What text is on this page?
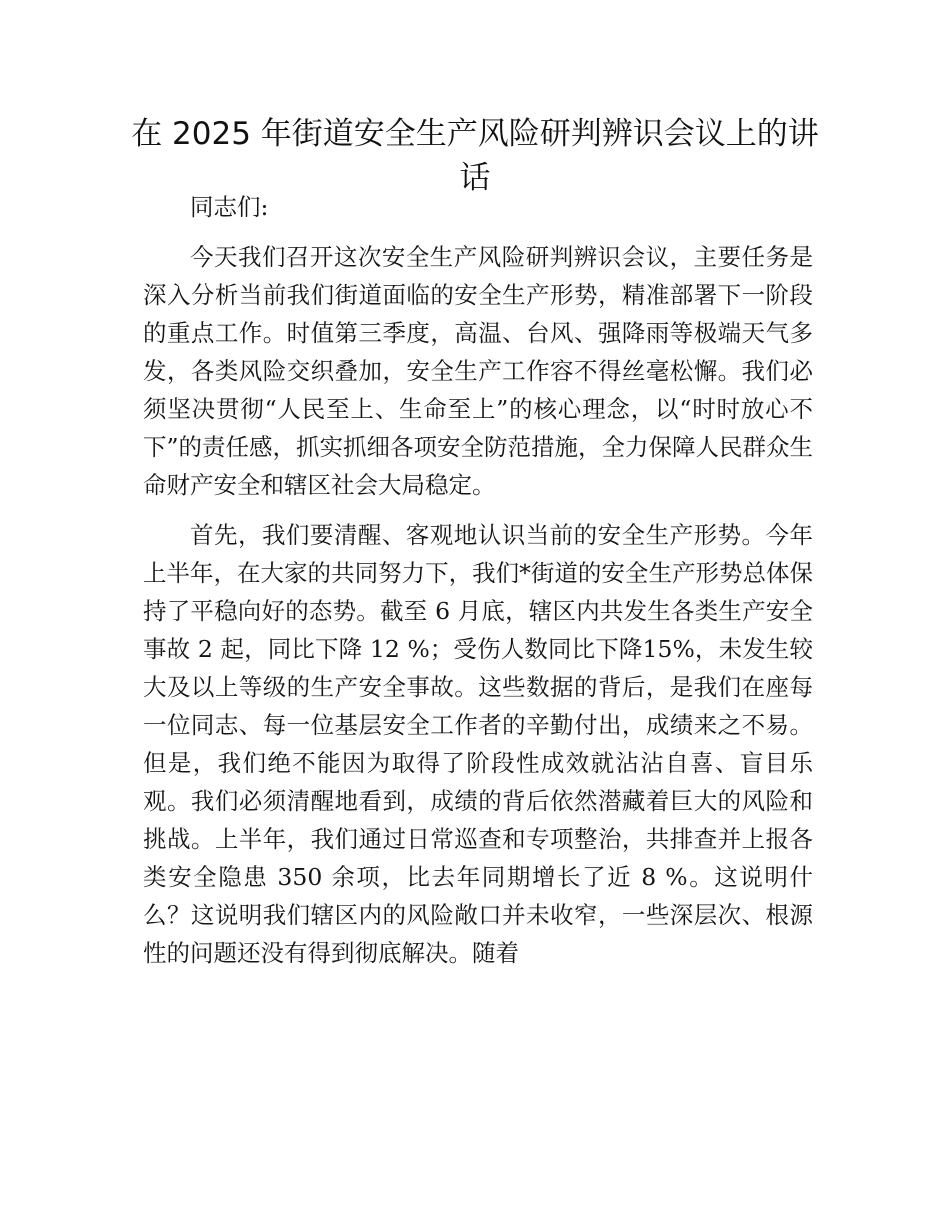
在 2025 年街道安全生产风险研判辨识会议上的讲话

同志们:

今天我们召开这次安全生产风险研判辨识会议，主要任务是深入分析当前我们街道面临的安全生产形势，精准部署下一阶段的重点工作。时值第三季度，高温、台风、强降雨等极端天气多发，各类风险交织叠加，安全生产工作容不得丝毫松懈。我们必须坚决贯彻“人民至上、生命至上”的核心理念，以“时时放心不下”的责任感，抓实抓细各项安全防范措施，全力保障人民群众生命财产安全和辖区社会大局稳定。

首先，我们要清醒、客观地认识当前的安全生产形势。今年上半年，在大家的共同努力下，我们*街道的安全生产形势总体保持了平稳向好的态势。截至 6 月底，辖区内共发生各类生产安全事故 2 起，同比下降 12 %；受伤人数同比下降15%，未发生较大及以上等级的生产安全事故。这些数据的背后，是我们在座每一位同志、每一位基层安全工作者的辛勤付出，成绩来之不易。但是，我们绝不能因为取得了阶段性成效就沾沾自喜、盲目乐观。我们必须清醒地看到，成绩的背后依然潜藏着巨大的风险和挑战。上半年，我们通过日常巡查和专项整治，共排查并上报各类安全隐患 350 余项，比去年同期增长了近 8 %。这说明什么？这说明我们辖区内的风险敞口并未收窄，一些深层次、根源性的问题还没有得到彻底解决。随着
